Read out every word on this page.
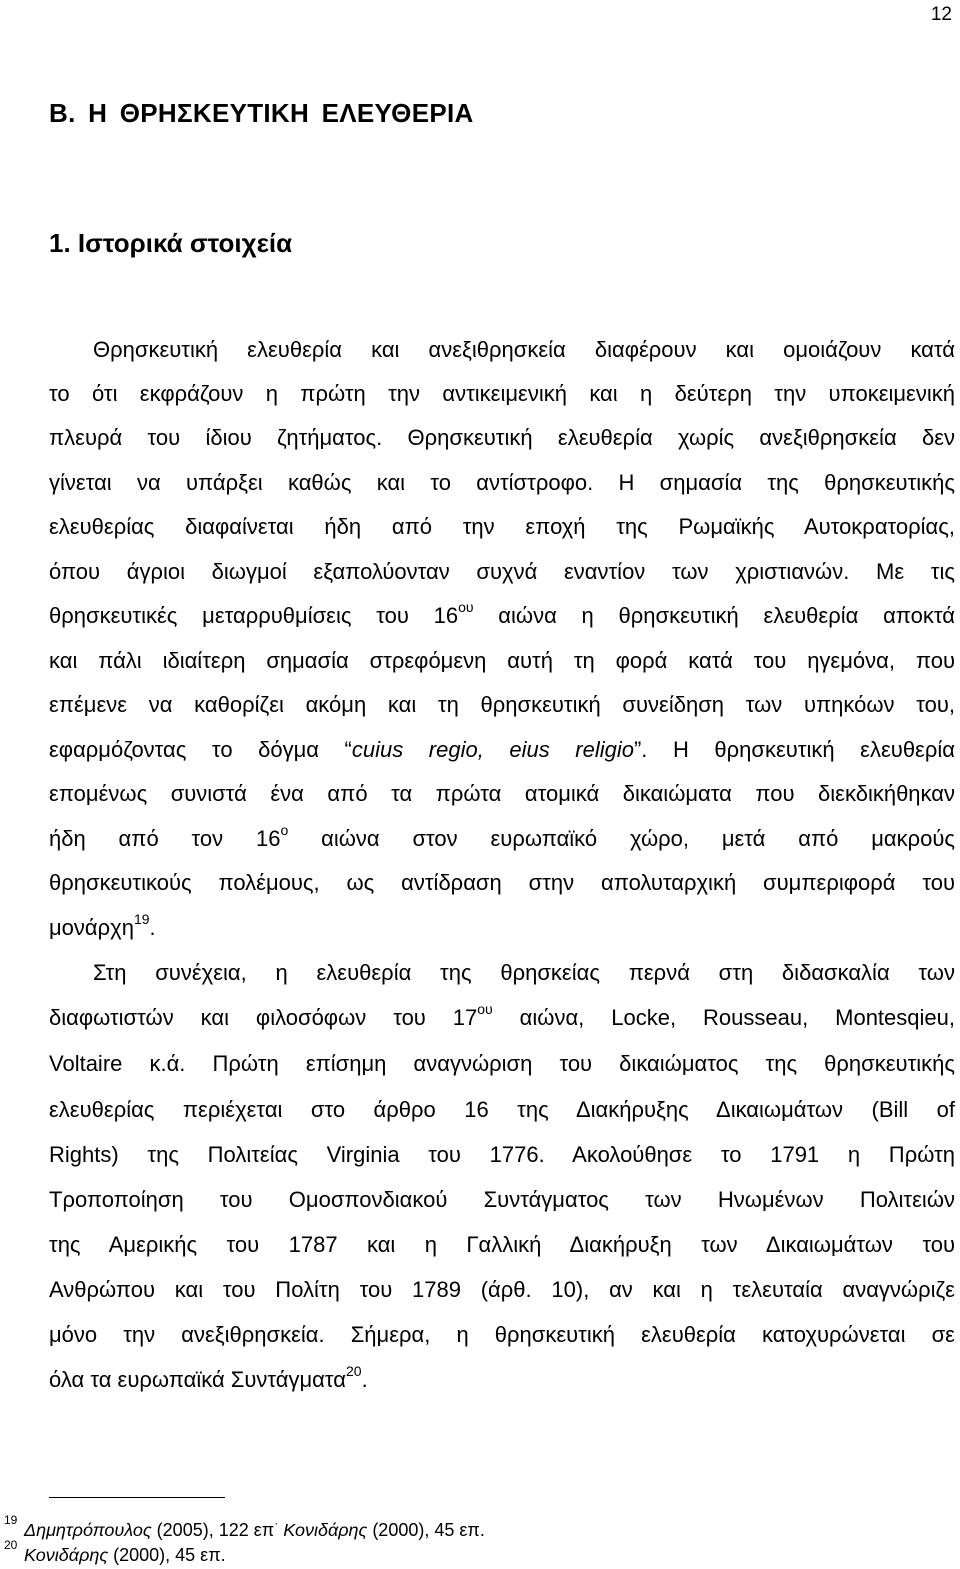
12
Β. Η ΘΡΗΣΚΕΥΤΙΚΗ ΕΛΕΥΘΕΡΙΑ
1. Ιστορικά στοιχεία

Θρησκευτική ελευθερία και ανεξιθρησκεία διαφέρουν και ομοιάζουν κατά

το ότι εκφράζουν η πρώτη την αντικειμενική και η δεύτερη την υποκειμενική

πλευρά του ίδιου ζητήματος. Θρησκευτική ελευθερία χωρίς ανεξιθρησκεία δεν

γίνεται να υπάρξει καθώς και το αντίστροφο. Η σημασία της θρησκευτικής

ελευθερίας διαφαίνεται ήδη από την εποχή της Ρωμαϊκής Αυτοκρατορίας,

όπου άγριοι διωγμοί εξαπολύονταν συχνά εναντίον των χριστιανών. Με τις

θρησκευτικές μεταρρυθμίσεις του $16^{o\upsilon}$ αιώνα η θρησκευτική ελευθερία αποκτά

και πάλι ιδιαίτερη σημασία στρεφόμενη αυτή τη φορά κατά του ηγεμόνα, που

επέμενε να καθορίζει ακόμη και τη θρησκευτική συνείδηση των υπηκόων του,

εφαρμόζοντας το δόγμα “cuius regio, eius religio”. Η θρησκευτική ελευθερία

επομένως συνιστά ένα από τα πρώτα ατομικά δικαιώματα που διεκδικήθηκαν

ήδη από τον $16^o$ αιώνα στον ευρωπαϊκό χώρο, μετά από μακρούς

θρησκευτικούς πολέμους, ως αντίδραση στην απολυταρχική συμπεριφορά του

μονάρχη$^{19}$.

Στη συνέχεια, η ελευθερία της θρησκείας περνά στη διδασκαλία των

διαφωτιστών και φιλοσόφων του $17^{o\upsilon}$ αιώνα, Locke, Rousseau, Montesqieu,

Voltaire κ.ά. Πρώτη επίσημη αναγνώριση του δικαιώματος της θρησκευτικής

ελευθερίας περιέχεται στο άρθρο 16 της Διακήρυξης Δικαιωμάτων (Bill of

Rights) της Πολιτείας Virginia του 1776. Ακολούθησε το 1791 η Πρώτη

Τροποποίηση του Ομοσπονδιακού Συντάγματος των Ηνωμένων Πολιτειών

της Αμερικής του 1787 και η Γαλλική Διακήρυξη των Δικαιωμάτων του

Ανθρώπου και του Πολίτη του 1789 (άρθ. 10), αν και η τελευταία αναγνώριζε

μόνο την ανεξιθρησκεία. Σήμερα, η θρησκευτική ελευθερία κατοχυρώνεται σε

όλα τα ευρωπαϊκά Συντάγματα$^{20}$.

19 Δημητρόπουλος (2005), 122 επ· Κονιδάρης (2000), 45 επ.

20 Κονιδάρης (2000), 45 επ.
